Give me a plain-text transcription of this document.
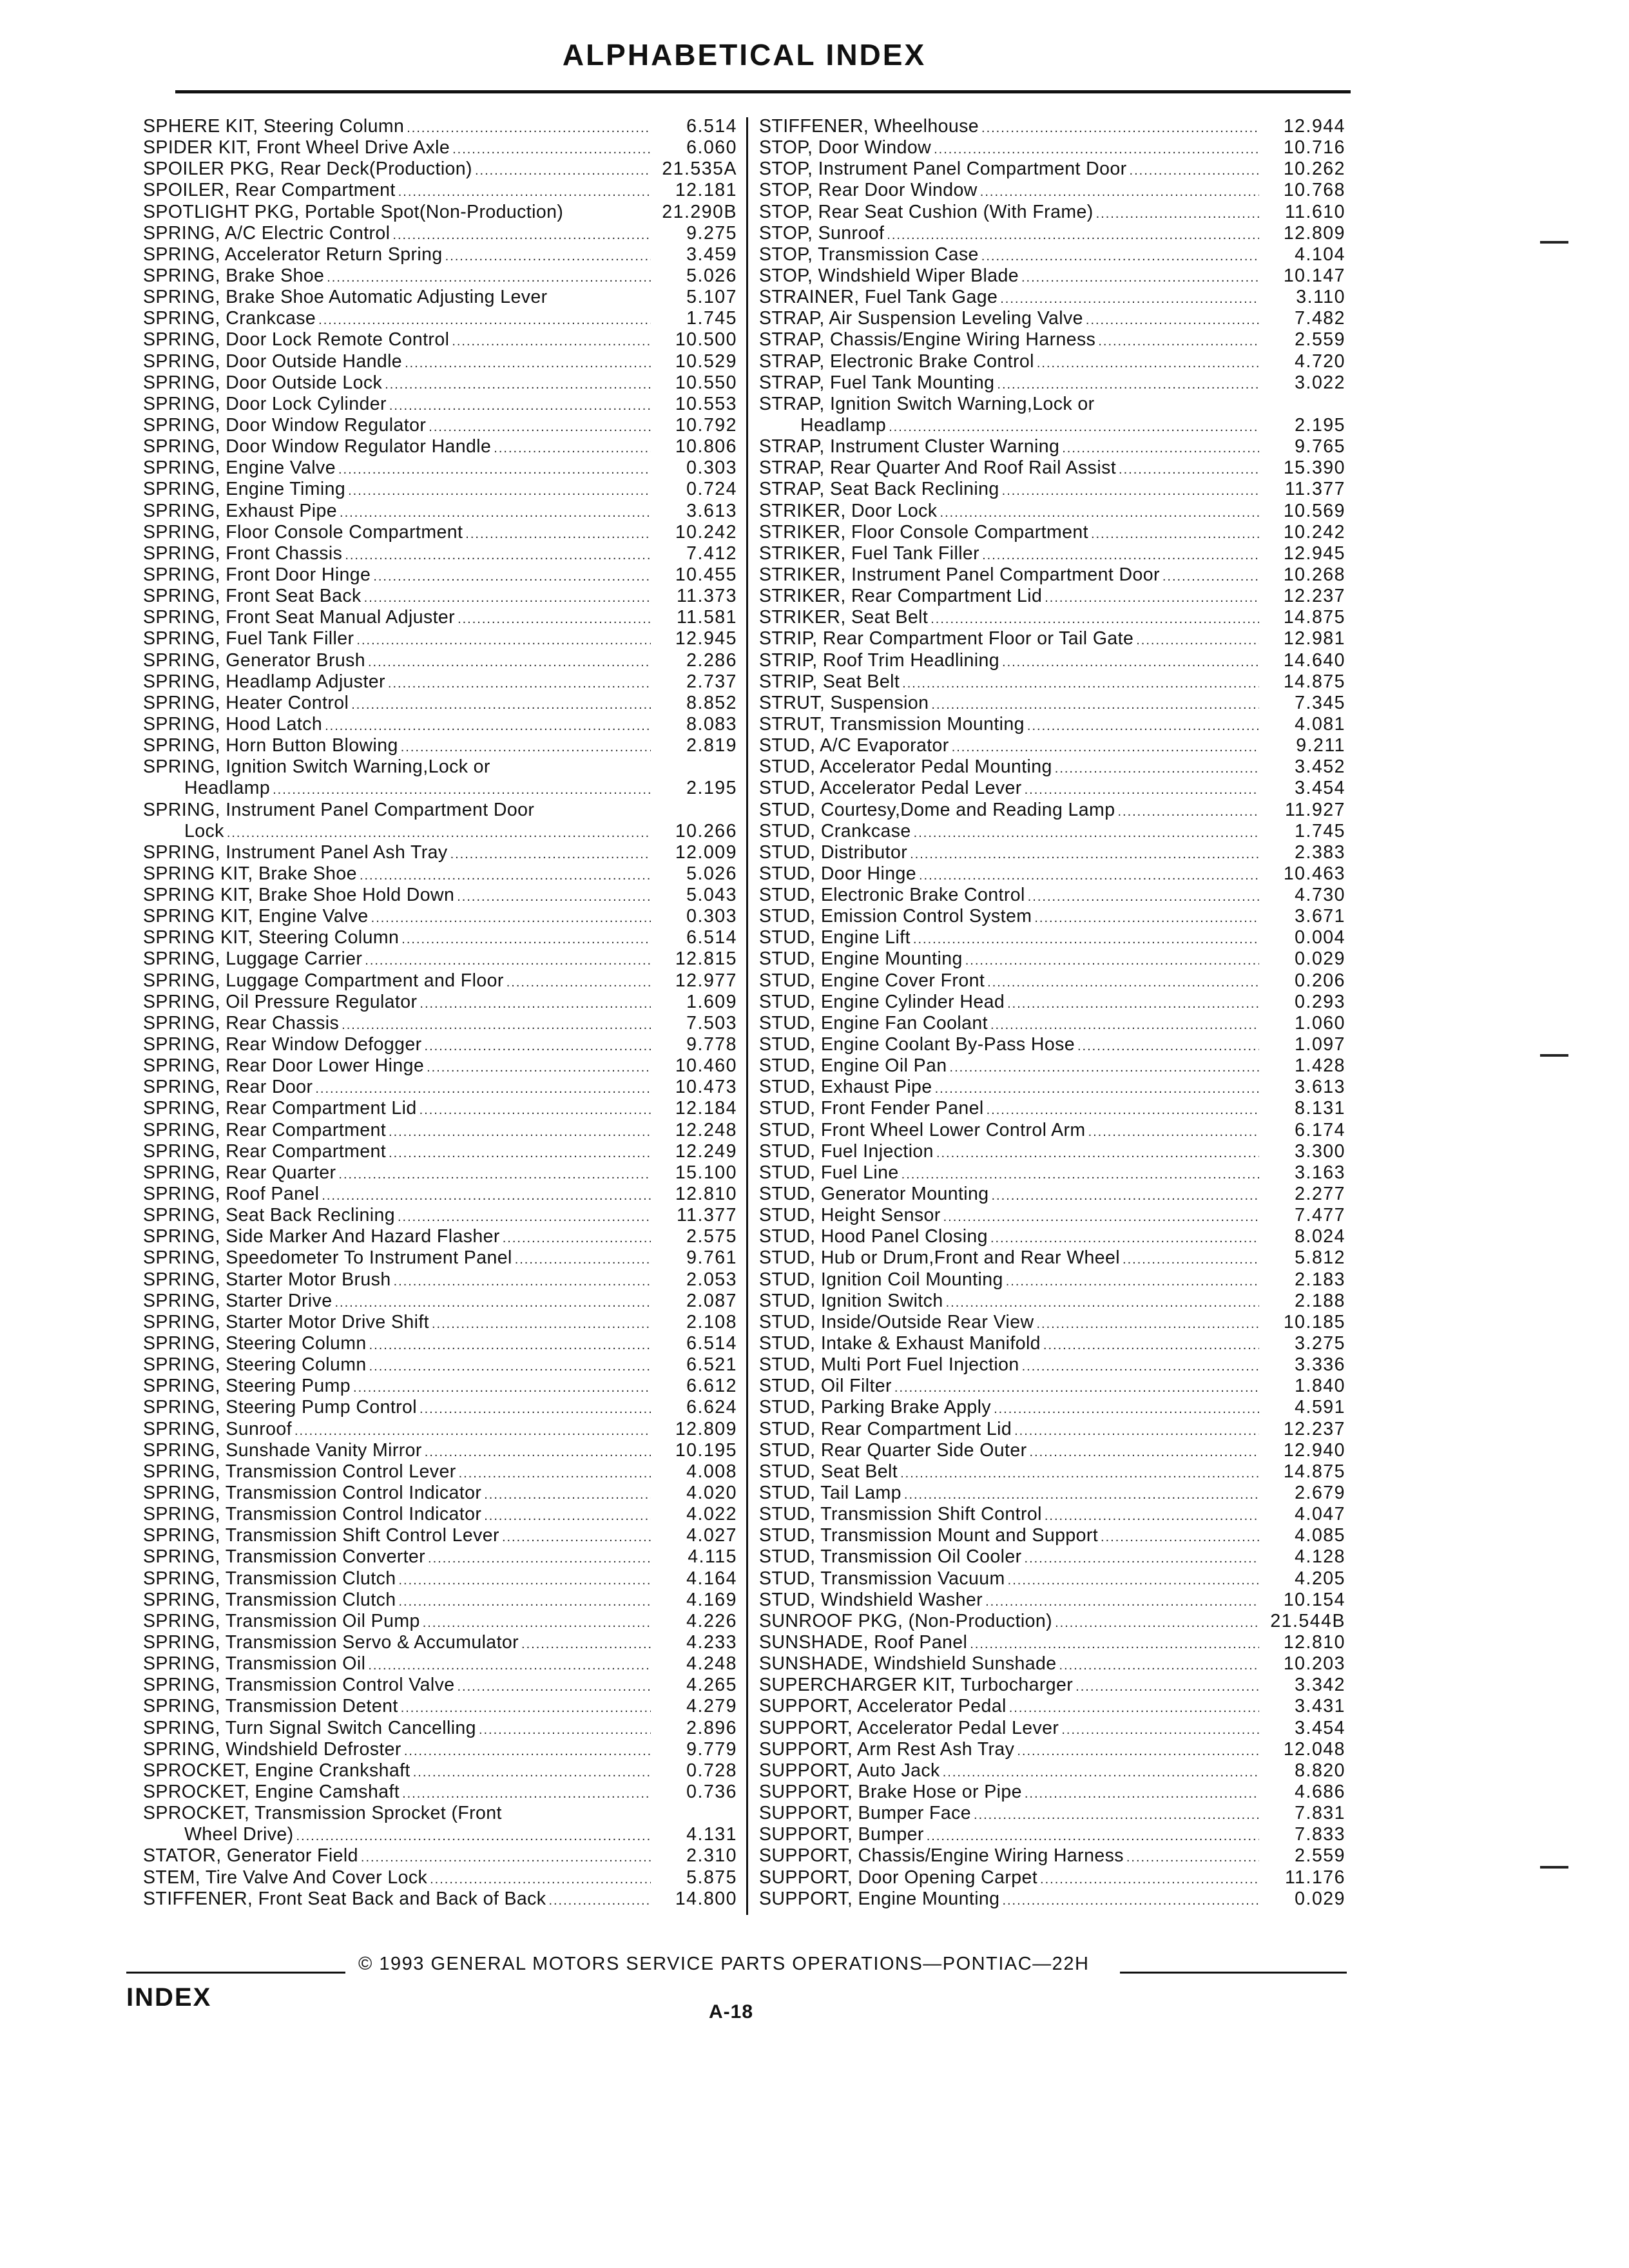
ALPHABETICAL INDEX
SPHERE KIT, Steering Column .....	6.514
SPIDER KIT, Front Wheel Drive Axle .....	6.060
SPOILER PKG, Rear Deck(Production) .....	21.535A
SPOILER, Rear Compartment .....	12.181
SPOTLIGHT PKG, Portable Spot(Non-Production)	21.290B
SPRING, A/C Electric Control .....	9.275
SPRING, Accelerator Return Spring .....	3.459
SPRING, Brake Shoe .....	5.026
SPRING, Brake Shoe Automatic Adjusting Lever	5.107
SPRING, Crankcase .....	1.745
SPRING, Door Lock Remote Control .....	10.500
SPRING, Door Outside Handle .....	10.529
SPRING, Door Outside Lock .....	10.550
SPRING, Door Lock Cylinder .....	10.553
SPRING, Door Window Regulator .....	10.792
SPRING, Door Window Regulator Handle .....	10.806
SPRING, Engine Valve .....	0.303
SPRING, Engine Timing .....	0.724
SPRING, Exhaust Pipe .....	3.613
SPRING, Floor Console Compartment .....	10.242
SPRING, Front Chassis .....	7.412
SPRING, Front Door Hinge .....	10.455
SPRING, Front Seat Back .....	11.373
SPRING, Front Seat Manual Adjuster .....	11.581
SPRING, Fuel Tank Filler .....	12.945
SPRING, Generator Brush .....	2.286
SPRING, Headlamp Adjuster .....	2.737
SPRING, Heater Control .....	8.852
SPRING, Hood Latch .....	8.083
SPRING, Horn Button Blowing .....	2.819
SPRING, Ignition Switch Warning,Lock or
Headlamp .....	2.195
SPRING, Instrument Panel Compartment Door
Lock .....	10.266
SPRING, Instrument Panel Ash Tray .....	12.009
SPRING KIT, Brake Shoe .....	5.026
SPRING KIT, Brake Shoe Hold Down .....	5.043
SPRING KIT, Engine Valve .....	0.303
SPRING KIT, Steering Column .....	6.514
SPRING, Luggage Carrier .....	12.815
SPRING, Luggage Compartment and Floor .....	12.977
SPRING, Oil Pressure Regulator .....	1.609
SPRING, Rear Chassis .....	7.503
SPRING, Rear Window Defogger .....	9.778
SPRING, Rear Door Lower Hinge .....	10.460
SPRING, Rear Door .....	10.473
SPRING, Rear Compartment Lid .....	12.184
SPRING, Rear Compartment .....	12.248
SPRING, Rear Compartment .....	12.249
SPRING, Rear Quarter .....	15.100
SPRING, Roof Panel .....	12.810
SPRING, Seat Back Reclining .....	11.377
SPRING, Side Marker And Hazard Flasher .....	2.575
SPRING, Speedometer To Instrument Panel .....	9.761
SPRING, Starter Motor Brush .....	2.053
SPRING, Starter Drive .....	2.087
SPRING, Starter Motor Drive Shift .....	2.108
SPRING, Steering Column .....	6.514
SPRING, Steering Column .....	6.521
SPRING, Steering Pump .....	6.612
SPRING, Steering Pump Control .....	6.624
SPRING, Sunroof .....	12.809
SPRING, Sunshade Vanity Mirror .....	10.195
SPRING, Transmission Control Lever .....	4.008
SPRING, Transmission Control Indicator .....	4.020
SPRING, Transmission Control Indicator .....	4.022
SPRING, Transmission Shift Control Lever .....	4.027
SPRING, Transmission Converter .....	4.115
SPRING, Transmission Clutch .....	4.164
SPRING, Transmission Clutch .....	4.169
SPRING, Transmission Oil Pump .....	4.226
SPRING, Transmission Servo & Accumulator .....	4.233
SPRING, Transmission Oil .....	4.248
SPRING, Transmission Control Valve .....	4.265
SPRING, Transmission Detent .....	4.279
SPRING, Turn Signal Switch Cancelling .....	2.896
SPRING, Windshield Defroster .....	9.779
SPROCKET, Engine Crankshaft .....	0.728
SPROCKET, Engine Camshaft .....	0.736
SPROCKET, Transmission Sprocket (Front
Wheel Drive) .....	4.131
STATOR, Generator Field .....	2.310
STEM, Tire Valve And Cover Lock .....	5.875
STIFFENER, Front Seat Back and Back of Back .....	14.800
STIFFENER, Wheelhouse .....	12.944
STOP, Door Window .....	10.716
STOP, Instrument Panel Compartment Door .....	10.262
STOP, Rear Door Window .....	10.768
STOP, Rear Seat Cushion (With Frame) .....	11.610
STOP, Sunroof .....	12.809
STOP, Transmission Case .....	4.104
STOP, Windshield Wiper Blade .....	10.147
STRAINER, Fuel Tank Gage .....	3.110
STRAP, Air Suspension Leveling Valve .....	7.482
STRAP, Chassis/Engine Wiring Harness .....	2.559
STRAP, Electronic Brake Control .....	4.720
STRAP, Fuel Tank Mounting .....	3.022
STRAP, Ignition Switch Warning,Lock or
Headlamp .....	2.195
STRAP, Instrument Cluster Warning .....	9.765
STRAP, Rear Quarter And Roof Rail Assist .....	15.390
STRAP, Seat Back Reclining .....	11.377
STRIKER, Door Lock .....	10.569
STRIKER, Floor Console Compartment .....	10.242
STRIKER, Fuel Tank Filler .....	12.945
STRIKER, Instrument Panel Compartment Door .....	10.268
STRIKER, Rear Compartment Lid .....	12.237
STRIKER, Seat Belt .....	14.875
STRIP, Rear Compartment Floor or Tail Gate .....	12.981
STRIP, Roof Trim Headlining .....	14.640
STRIP, Seat Belt .....	14.875
STRUT, Suspension .....	7.345
STRUT, Transmission Mounting .....	4.081
STUD, A/C Evaporator .....	9.211
STUD, Accelerator Pedal Mounting .....	3.452
STUD, Accelerator Pedal Lever .....	3.454
STUD, Courtesy,Dome and Reading Lamp .....	11.927
STUD, Crankcase .....	1.745
STUD, Distributor .....	2.383
STUD, Door Hinge .....	10.463
STUD, Electronic Brake Control .....	4.730
STUD, Emission Control System .....	3.671
STUD, Engine Lift .....	0.004
STUD, Engine Mounting .....	0.029
STUD, Engine Cover Front .....	0.206
STUD, Engine Cylinder Head .....	0.293
STUD, Engine Fan Coolant .....	1.060
STUD, Engine Coolant By-Pass Hose .....	1.097
STUD, Engine Oil Pan .....	1.428
STUD, Exhaust Pipe .....	3.613
STUD, Front Fender Panel .....	8.131
STUD, Front Wheel Lower Control Arm .....	6.174
STUD, Fuel Injection .....	3.300
STUD, Fuel Line .....	3.163
STUD, Generator Mounting .....	2.277
STUD, Height Sensor .....	7.477
STUD, Hood Panel Closing .....	8.024
STUD, Hub or Drum,Front and Rear Wheel .....	5.812
STUD, Ignition Coil Mounting .....	2.183
STUD, Ignition Switch .....	2.188
STUD, Inside/Outside Rear View .....	10.185
STUD, Intake & Exhaust Manifold .....	3.275
STUD, Multi Port Fuel Injection .....	3.336
STUD, Oil Filter .....	1.840
STUD, Parking Brake Apply .....	4.591
STUD, Rear Compartment Lid .....	12.237
STUD, Rear Quarter Side Outer .....	12.940
STUD, Seat Belt .....	14.875
STUD, Tail Lamp .....	2.679
STUD, Transmission Shift Control .....	4.047
STUD, Transmission Mount and Support .....	4.085
STUD, Transmission Oil Cooler .....	4.128
STUD, Transmission Vacuum .....	4.205
STUD, Windshield Washer .....	10.154
SUNROOF PKG, (Non-Production) .....	21.544B
SUNSHADE, Roof Panel .....	12.810
SUNSHADE, Windshield Sunshade .....	10.203
SUPERCHARGER KIT, Turbocharger .....	3.342
SUPPORT, Accelerator Pedal .....	3.431
SUPPORT, Accelerator Pedal Lever .....	3.454
SUPPORT, Arm Rest Ash Tray .....	12.048
SUPPORT, Auto Jack .....	8.820
SUPPORT, Brake Hose or Pipe .....	4.686
SUPPORT, Bumper Face .....	7.831
SUPPORT, Bumper .....	7.833
SUPPORT, Chassis/Engine Wiring Harness .....	2.559
SUPPORT, Door Opening Carpet .....	11.176
SUPPORT, Engine Mounting .....	0.029
© 1993 GENERAL MOTORS SERVICE PARTS OPERATIONS—PONTIAC—22H
INDEX
A-18
